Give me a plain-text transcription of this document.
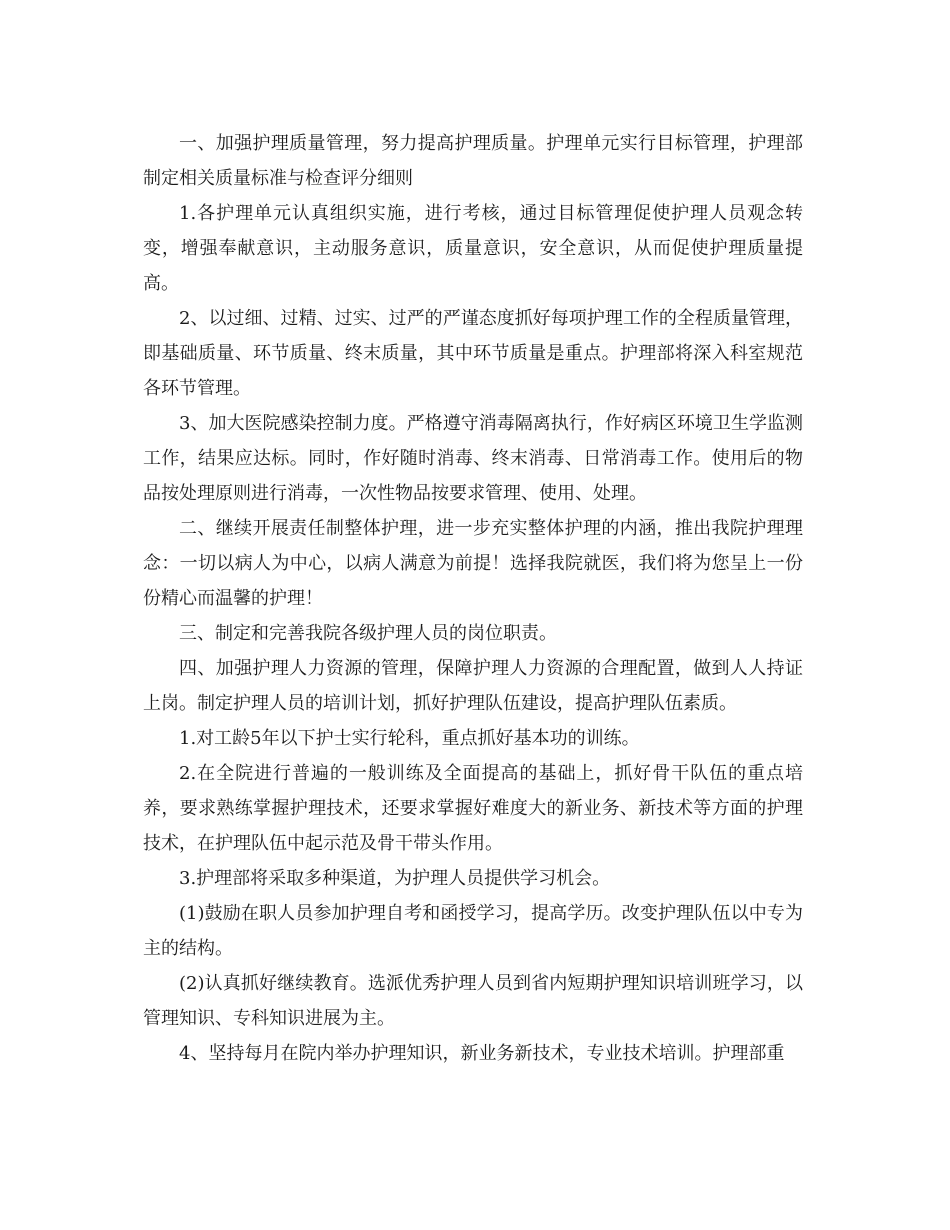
一、加强护理质量管理，努力提高护理质量。护理单元实行目标管理，护理部制定相关质量标准与检查评分细则

1.各护理单元认真组织实施，进行考核，通过目标管理促使护理人员观念转变，增强奉献意识，主动服务意识，质量意识，安全意识，从而促使护理质量提高。

2、以过细、过精、过实、过严的严谨态度抓好每项护理工作的全程质量管理，即基础质量、环节质量、终末质量，其中环节质量是重点。护理部将深入科室规范各环节管理。

3、加大医院感染控制力度。严格遵守消毒隔离执行，作好病区环境卫生学监测工作，结果应达标。同时，作好随时消毒、终末消毒、日常消毒工作。使用后的物品按处理原则进行消毒，一次性物品按要求管理、使用、处理。

二、继续开展责任制整体护理，进一步充实整体护理的内涵，推出我院护理理念：一切以病人为中心，以病人满意为前提！选择我院就医，我们将为您呈上一份份精心而温馨的护理！

三、制定和完善我院各级护理人员的岗位职责。

四、加强护理人力资源的管理，保障护理人力资源的合理配置，做到人人持证上岗。制定护理人员的培训计划，抓好护理队伍建设，提高护理队伍素质。

1.对工龄5年以下护士实行轮科，重点抓好基本功的训练。

2.在全院进行普遍的一般训练及全面提高的基础上，抓好骨干队伍的重点培养，要求熟练掌握护理技术，还要求掌握好难度大的新业务、新技术等方面的护理技术，在护理队伍中起示范及骨干带头作用。

3.护理部将采取多种渠道，为护理人员提供学习机会。

(1)鼓励在职人员参加护理自考和函授学习，提高学历。改变护理队伍以中专为主的结构。

(2)认真抓好继续教育。选派优秀护理人员到省内短期护理知识培训班学习，以管理知识、专科知识进展为主。

4、坚持每月在院内举办护理知识，新业务新技术，专业技术培训。护理部重
